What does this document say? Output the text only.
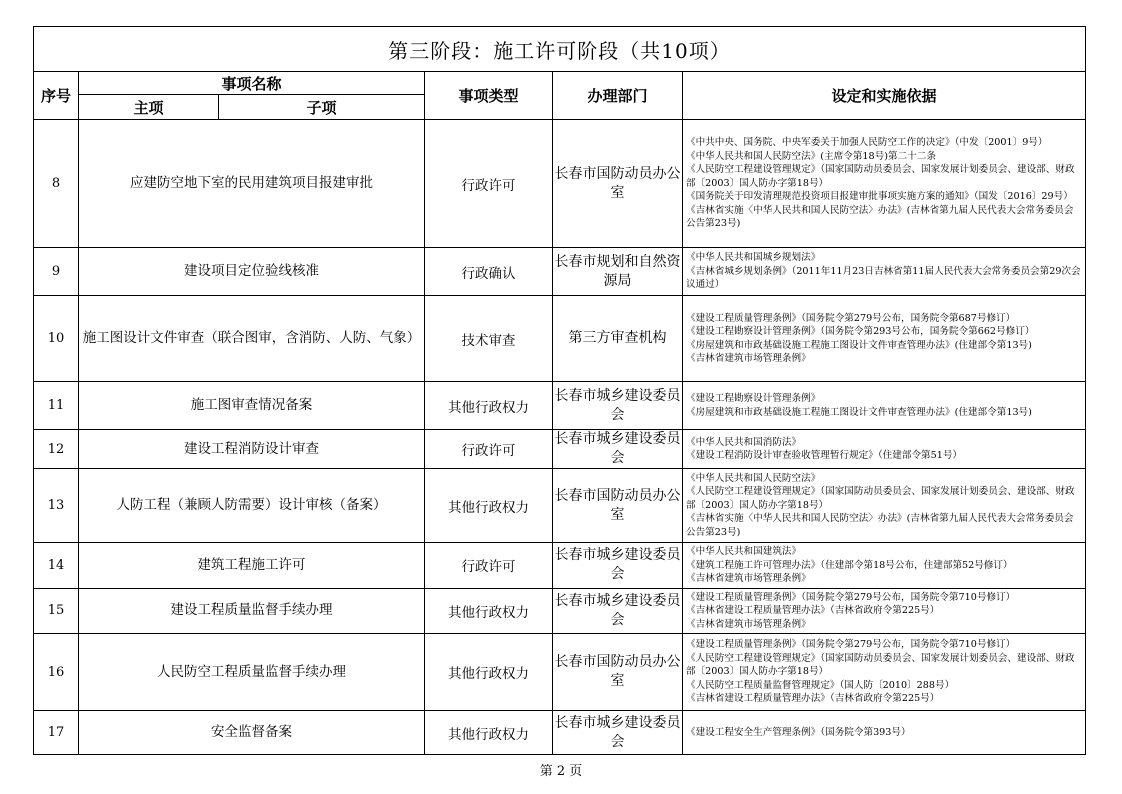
第三阶段：施工许可阶段（共10项）					
序号	事项名称		事项类型	办理部门	设定和实施依据
	主项	子项			
8	应建防空地下室的民用建筑项目报建审批		行政许可	长春市国防动员办公室	《中共中央、国务院、中央军委关于加强人民防空工作的决定》（中发〔2001〕9号）
《中华人民共和国人民防空法》(主席令第18号)第二十二条
《人民防空工程建设管理规定》（国家国防动员委员会、国家发展计划委员会、建设部、财政部〔2003〕国人防办字第18号）
《国务院关于印发清理规范投资项目报建审批事项实施方案的通知》（国发〔2016〕29号）
《吉林省实施〈中华人民共和国人民防空法〉办法》(吉林省第九届人民代表大会常务委员会公告第23号)

9	建设项目定位验线核准		行政确认	长春市规划和自然资源局	《中华人民共和国城乡规划法》
《吉林省城乡规划条例》（2011年11月23日吉林省第11届人民代表大会常务委员会第29次会议通过）

10	施工图设计文件审查（联合图审，含消防、人防、气象）		技术审查	第三方审查机构	《建设工程质量管理条例》（国务院令第279号公布，国务院令第687号修订）
《建设工程勘察设计管理条例》（国务院令第293号公布，国务院令第662号修订）
《房屋建筑和市政基础设施工程施工图设计文件审查管理办法》(住建部令第13号)
《吉林省建筑市场管理条例》

11	施工图审查情况备案		其他行政权力	长春市城乡建设委员会	《建设工程勘察设计管理条例》
《房屋建筑和市政基础设施工程施工图设计文件审查管理办法》(住建部令第13号)

12	建设工程消防设计审查		行政许可	长春市城乡建设委员会	《中华人民共和国消防法》
《建设工程消防设计审查验收管理暂行规定》（住建部令第51号）

13	人防工程（兼顾人防需要）设计审核（备案）		其他行政权力	长春市国防动员办公室	《中华人民共和国人民防空法》
《人民防空工程建设管理规定》（国家国防动员委员会、国家发展计划委员会、建设部、财政部〔2003〕国人防办字第18号）
《吉林省实施〈中华人民共和国人民防空法〉办法》(吉林省第九届人民代表大会常务委员会公告第23号)

14	建筑工程施工许可		行政许可	长春市城乡建设委员会	《中华人民共和国建筑法》
《建筑工程施工许可管理办法》（住建部令第18号公布，住建部第52号修订）
《吉林省建筑市场管理条例》

15	建设工程质量监督手续办理		其他行政权力	长春市城乡建设委员会	《建设工程质量管理条例》（国务院令第279号公布，国务院令第710号修订）
《吉林省建设工程质量管理办法》（吉林省政府令第225号）
《吉林省建筑市场管理条例》

16	人民防空工程质量监督手续办理		其他行政权力	长春市国防动员办公室	《建设工程质量管理条例》（国务院令第279号公布，国务院令第710号修订）
《人民防空工程建设管理规定》（国家国防动员委员会、国家发展计划委员会、建设部、财政部〔2003〕国人防办字第18号）
《人民防空工程质量监督管理规定》（国人防〔2010〕288号）
《吉林省建设工程质量管理办法》（吉林省政府令第225号）

17	安全监督备案		其他行政权力	长春市城乡建设委员会	《建设工程安全生产管理条例》（国务院令第393号）
第 2 页
